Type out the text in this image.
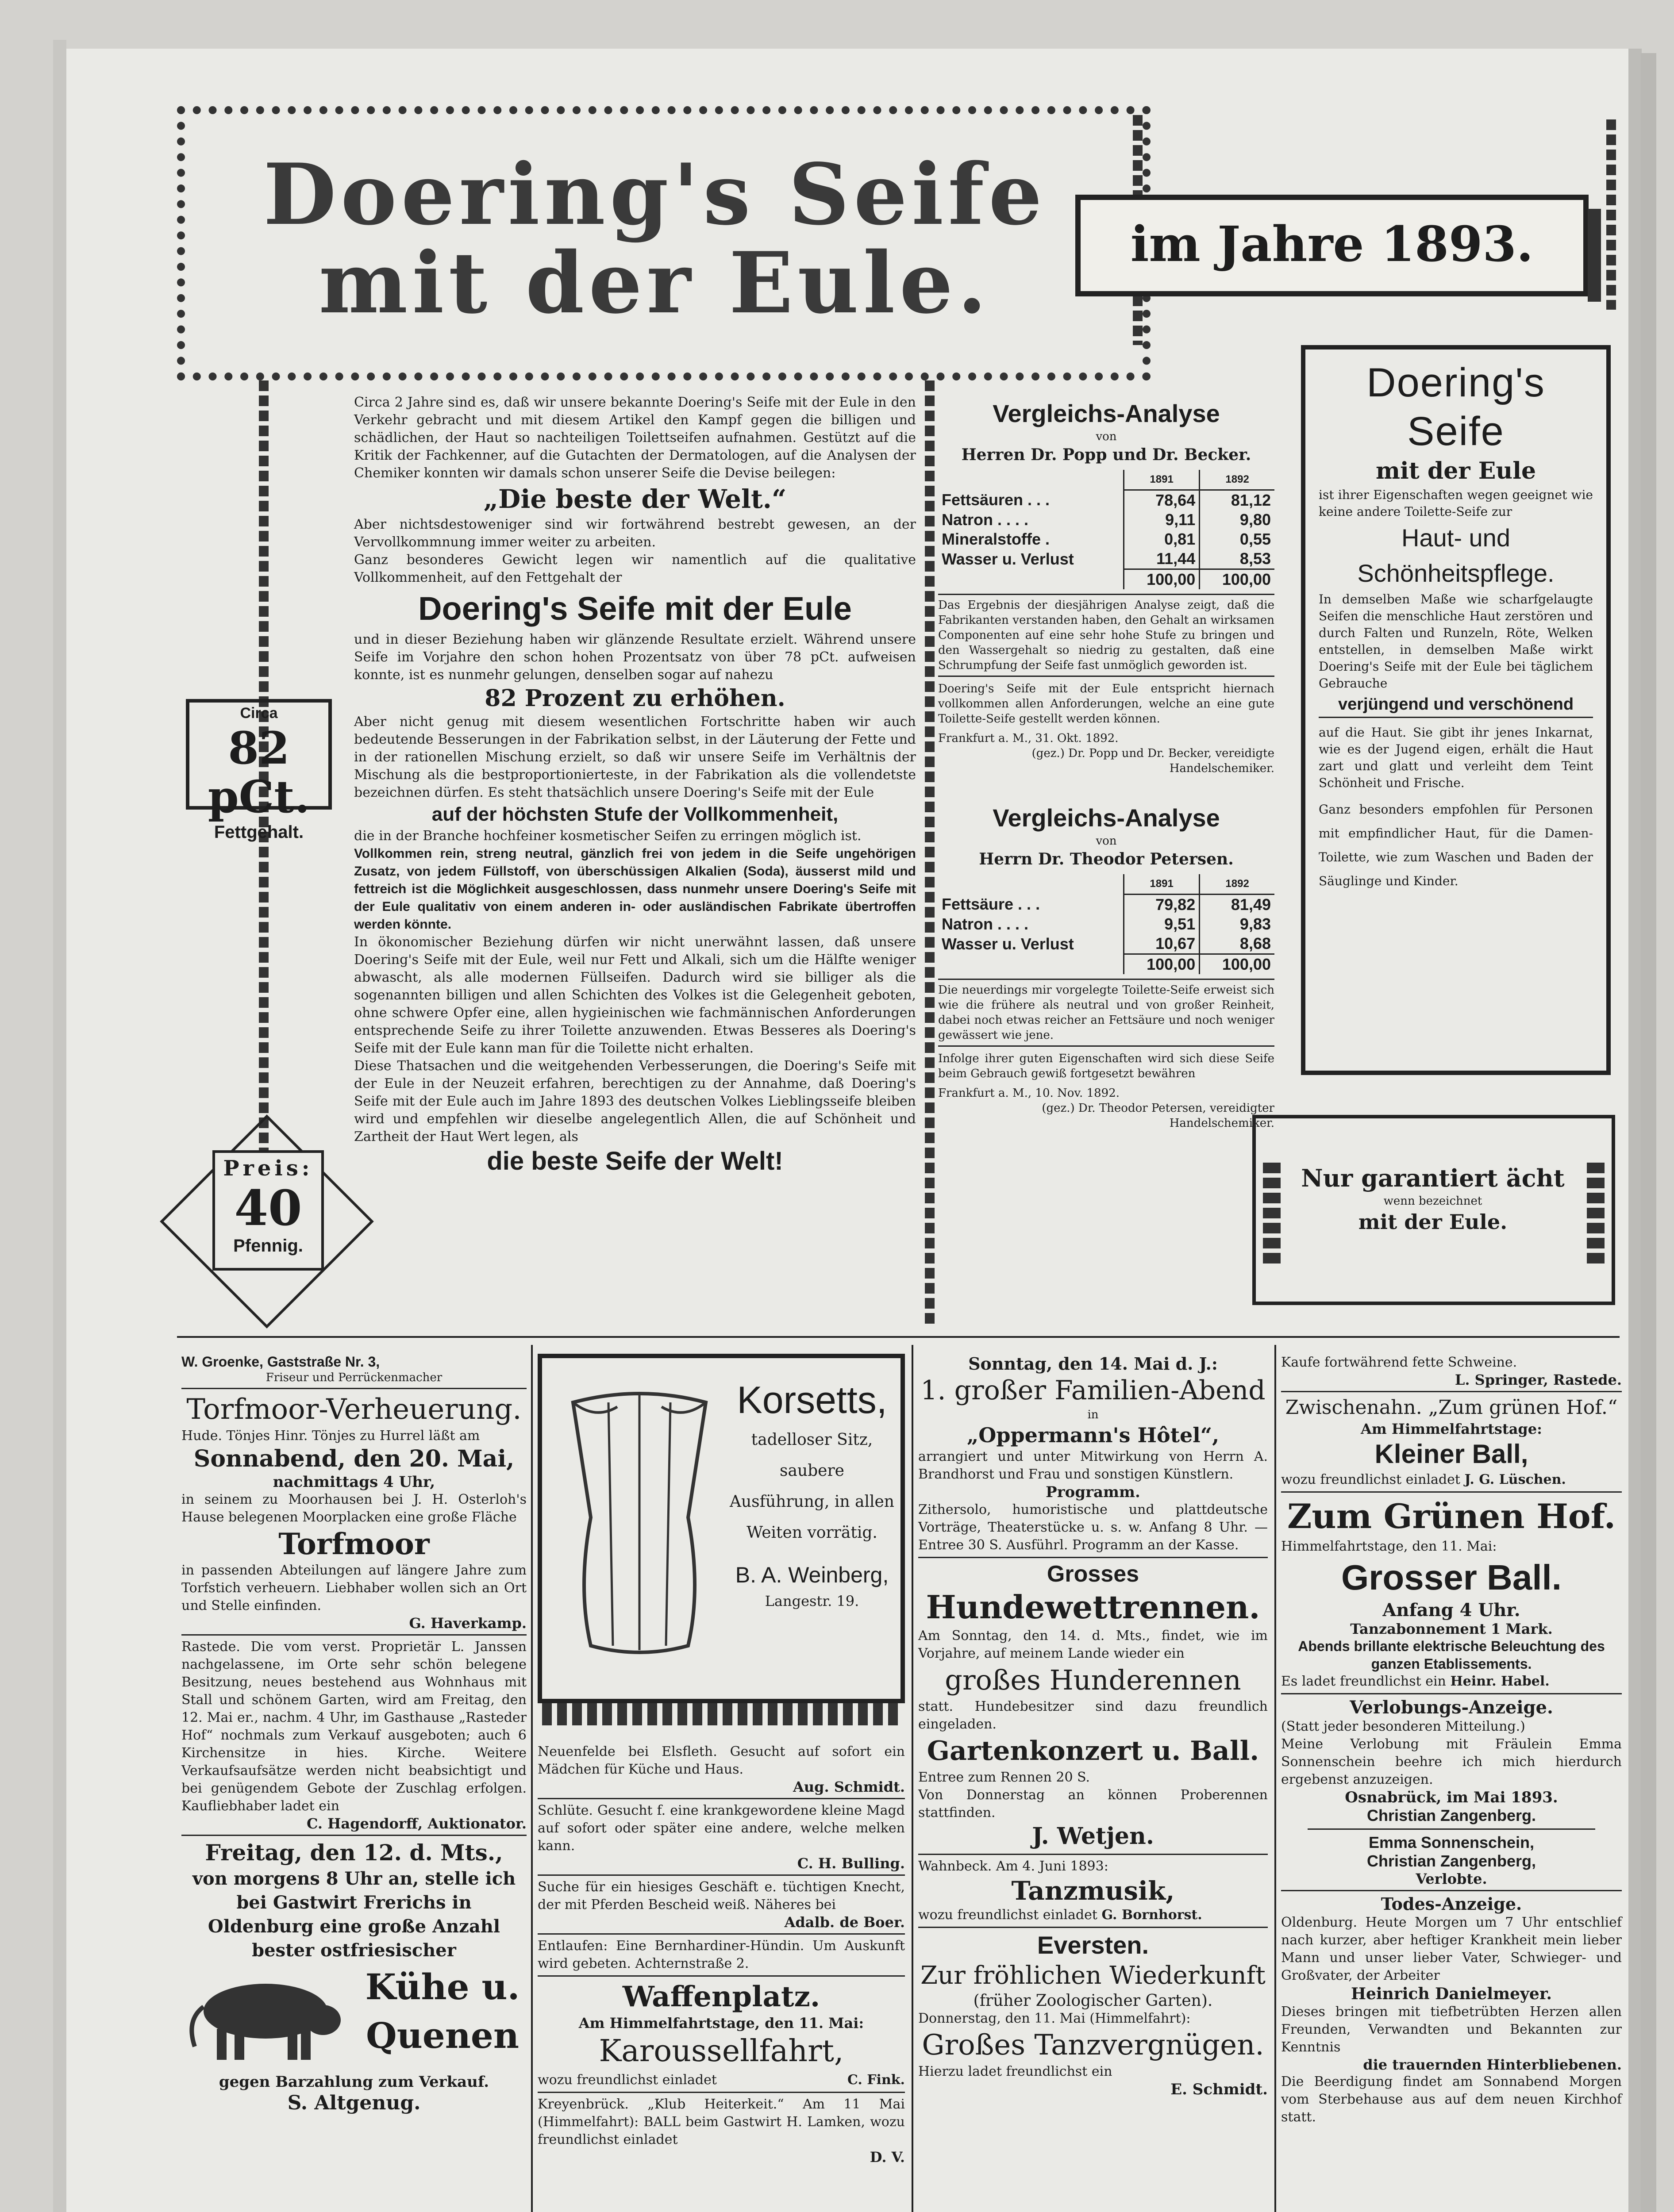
Doering's Seife
mit der Eule.	im Jahre 1893.
Circa
82 pCt.
Fettgehalt.
Preis:
40
Pfennig.

Circa 2 Jahre sind es, daß wir unsere bekannte Doering's Seife mit der Eule in den Verkehr gebracht und mit diesem Artikel den Kampf gegen die billigen und schädlichen, der Haut so nachteiligen Toilettseifen aufnahmen. Gestützt auf die Kritik der Fachkenner, auf die Gutachten der Dermatologen, auf die Analysen der Chemiker konnten wir damals schon unserer Seife die Devise beilegen:

„Die beste der Welt.“

Aber nichtsdestoweniger sind wir fortwährend bestrebt gewesen, an der Vervollkommnung immer weiter zu arbeiten.

Ganz besonderes Gewicht legen wir namentlich auf die qualitative Vollkommenheit, auf den Fettgehalt der

Doering's Seife mit der Eule

und in dieser Beziehung haben wir glänzende Resultate erzielt. Während unsere Seife im Vorjahre den schon hohen Prozentsatz von über 78 pCt. aufweisen konnte, ist es nunmehr gelungen, denselben sogar auf nahezu

82 Prozent zu erhöhen.

Aber nicht genug mit diesem wesentlichen Fortschritte haben wir auch bedeutende Besserungen in der Fabrikation selbst, in der Läuterung der Fette und in der rationellen Mischung erzielt, so daß wir unsere Seife im Verhältnis der Mischung als die bestproportionierteste, in der Fabrikation als die vollendetste bezeichnen dürfen. Es steht thatsächlich unsere Doering's Seife mit der Eule

auf der höchsten Stufe der Vollkommenheit,

die in der Branche hochfeiner kosmetischer Seifen zu erringen möglich ist.

Vollkommen rein, streng neutral, gänzlich frei von jedem in die Seife ungehörigen Zusatz, von jedem Füllstoff, von überschüssigen Alkalien (Soda), äusserst mild und fettreich ist die Möglichkeit ausgeschlossen, dass nunmehr unsere Doering's Seife mit der Eule qualitativ von einem anderen in- oder ausländischen Fabrikate übertroffen werden könnte.

In ökonomischer Beziehung dürfen wir nicht unerwähnt lassen, daß unsere Doering's Seife mit der Eule, weil nur Fett und Alkali, sich um die Hälfte weniger abwascht, als alle modernen Füllseifen. Dadurch wird sie billiger als die sogenannten billigen und allen Schichten des Volkes ist die Gelegenheit geboten, ohne schwere Opfer eine, allen hygieinischen wie fachmännischen Anforderungen entsprechende Seife zu ihrer Toilette anzuwenden. Etwas Besseres als Doering's Seife mit der Eule kann man für die Toilette nicht erhalten.

Diese Thatsachen und die weitgehenden Verbesserungen, die Doering's Seife mit der Eule in der Neuzeit erfahren, berechtigen zu der Annahme, daß Doering's Seife mit der Eule auch im Jahre 1893 des deutschen Volkes Lieblingsseife bleiben wird und empfehlen wir dieselbe angelegentlich Allen, die auf Schönheit und Zartheit der Haut Wert legen, als

die beste Seife der Welt!

Vergleichs-Analyse
von
Herren Dr. Popp und Dr. Becker.
	1891	1892
Fettsäuren . . .	78,64	81,12
Natron . . . .	9,11	9,80
Mineralstoffe .	0,81	0,55
Wasser u. Verlust	11,44	8,53
	100,00	100,00

Das Ergebnis der diesjährigen Analyse zeigt, daß die Fabrikanten verstanden haben, den Gehalt an wirksamen Componenten auf eine sehr hohe Stufe zu bringen und den Wassergehalt so niedrig zu gestalten, daß eine Schrumpfung der Seife fast unmöglich geworden ist.

Doering's Seife mit der Eule entspricht hiernach vollkommen allen Anforderungen, welche an eine gute Toilette-Seife gestellt werden können.

Frankfurt a. M., 31. Okt. 1892.

(gez.) Dr. Popp und Dr. Becker, vereidigte Handelschemiker.

Vergleichs-Analyse
von
Herrn Dr. Theodor Petersen.
	1891	1892
Fettsäure . . .	79,82	81,49
Natron . . . .	9,51	9,83
Wasser u. Verlust	10,67	8,68
	100,00	100,00

Die neuerdings mir vorgelegte Toilette-Seife erweist sich wie die frühere als neutral und von großer Reinheit, dabei noch etwas reicher an Fettsäure und noch weniger gewässert wie jene.

Infolge ihrer guten Eigenschaften wird sich diese Seife beim Gebrauch gewiß fortgesetzt bewähren

Frankfurt a. M., 10. Nov. 1892.

(gez.) Dr. Theodor Petersen, vereidigter Handelschemiker.

Doering's Seife
mit der Eule

ist ihrer Eigenschaften wegen geeignet wie keine andere Toilette-Seife zur

Haut- und Schönheitspflege.

In demselben Maße wie scharfgelaugte Seifen die menschliche Haut zerstören und durch Falten und Runzeln, Röte, Welken entstellen, in demselben Maße wirkt Doering's Seife mit der Eule bei täglichem Gebrauche

verjüngend und verschönend

auf die Haut. Sie gibt ihr jenes Inkarnat, wie es der Jugend eigen, erhält die Haut zart und glatt und verleiht dem Teint Schönheit und Frische.

Ganz besonders empfohlen für Personen mit empfindlicher Haut, für die Damen-Toilette, wie zum Waschen und Baden der Säuglinge und Kinder.

Nur garantiert ächt
wenn bezeichnet
mit der Eule.

W. Groenke, Gaststraße Nr. 3,

Friseur und Perrückenmacher

Torfmoor-Verheuerung.

Hude. Tönjes Hinr. Tönjes zu Hurrel läßt am

Sonnabend, den 20. Mai,

nachmittags 4 Uhr,

in seinem zu Moorhausen bei J. H. Osterloh's Hause belegenen Moorplacken eine große Fläche

Torfmoor

in passenden Abteilungen auf längere Jahre zum Torfstich verheuern. Liebhaber wollen sich an Ort und Stelle einfinden.

G. Haverkamp.

Rastede. Die vom verst. Proprietär L. Janssen nachgelassene, im Orte sehr schön belegene Besitzung, neues bestehend aus Wohnhaus mit Stall und schönem Garten, wird am Freitag, den 12. Mai er., nachm. 4 Uhr, im Gasthause „Rasteder Hof“ nochmals zum Verkauf ausgeboten; auch 6 Kirchensitze in hies. Kirche. Weitere Verkaufsaufsätze werden nicht beabsichtigt und bei genügendem Gebote der Zuschlag erfolgen. Kaufliebhaber ladet ein

C. Hagendorff, Auktionator.

Freitag, den 12. d. Mts.,

von morgens 8 Uhr an, stelle ich bei Gastwirt Frerichs in Oldenburg eine große Anzahl bester ostfriesischer

Kühe u.

Quenen

gegen Barzahlung zum Verkauf.

S. Altgenug.

Korsetts,

tadelloser Sitz, saubere Ausführung, in allen Weiten vorrätig.

B. A. Weinberg,

Langestr. 19.

Neuenfelde bei Elsfleth. Gesucht auf sofort ein Mädchen für Küche und Haus.

Aug. Schmidt.

Schlüte. Gesucht f. eine krankgewordene kleine Magd auf sofort oder später eine andere, welche melken kann.

C. H. Bulling.

Suche für ein hiesiges Geschäft e. tüchtigen Knecht, der mit Pferden Bescheid weiß. Näheres bei

Adalb. de Boer.

Entlaufen: Eine Bernhardiner-Hündin. Um Auskunft wird gebeten. Achternstraße 2.

Waffenplatz.

Am Himmelfahrtstage, den 11. Mai:

Karoussellfahrt,

wozu freundlichst einladet	C. Fink.

Kreyenbrück. „Klub Heiterkeit.“ Am 11 Mai (Himmelfahrt): BALL beim Gastwirt H. Lamken, wozu freundlichst einladet

D. V.

Sonntag, den 14. Mai d. J.:

1. großer Familien-Abend

in

„Oppermann's Hôtel“,

arrangiert und unter Mitwirkung von Herrn A. Brandhorst und Frau und sonstigen Künstlern.

Programm.

Zithersolo, humoristische und plattdeutsche Vorträge, Theaterstücke u. s. w. Anfang 8 Uhr. — Entree 30 S. Ausführl. Programm an der Kasse.

Grosses

Hundewettrennen.

Am Sonntag, den 14. d. Mts., findet, wie im Vorjahre, auf meinem Lande wieder ein

großes Hunderennen

statt. Hundebesitzer sind dazu freundlich eingeladen.

Gartenkonzert u. Ball.

Entree zum Rennen 20 S.

Von Donnerstag an können Proberennen stattfinden.

J. Wetjen.

Wahnbeck. Am 4. Juni 1893:

Tanzmusik,

wozu freundlichst einladet G. Bornhorst.

Eversten.

Zur fröhlichen Wiederkunft

(früher Zoologischer Garten).

Donnerstag, den 11. Mai (Himmelfahrt):

Großes Tanzvergnügen.

Hierzu ladet freundlichst ein

E. Schmidt.

Kaufe fortwährend fette Schweine.

L. Springer, Rastede.

Zwischenahn. „Zum grünen Hof.“

Am Himmelfahrtstage:

Kleiner Ball,

wozu freundlichst einladet J. G. Lüschen.

Zum Grünen Hof.

Himmelfahrtstage, den 11. Mai:

Grosser Ball.

Anfang 4 Uhr.

Tanzabonnement 1 Mark.

Abends brillante elektrische Beleuchtung des ganzen Etablissements.

Es ladet freundlichst ein Heinr. Habel.

Verlobungs-Anzeige.

(Statt jeder besonderen Mitteilung.)

Meine Verlobung mit Fräulein Emma Sonnenschein beehre ich mich hierdurch ergebenst anzuzeigen.

Osnabrück, im Mai 1893.

Christian Zangenberg.

Emma Sonnenschein,

Christian Zangenberg,

Verlobte.

Todes-Anzeige.

Oldenburg. Heute Morgen um 7 Uhr entschlief nach kurzer, aber heftiger Krankheit mein lieber Mann und unser lieber Vater, Schwieger- und Großvater, der Arbeiter

Heinrich Danielmeyer.

Dieses bringen mit tiefbetrübten Herzen allen Freunden, Verwandten und Bekannten zur Kenntnis

die trauernden Hinterbliebenen.

Die Beerdigung findet am Sonnabend Morgen vom Sterbehause aus auf dem neuen Kirchhof statt.
